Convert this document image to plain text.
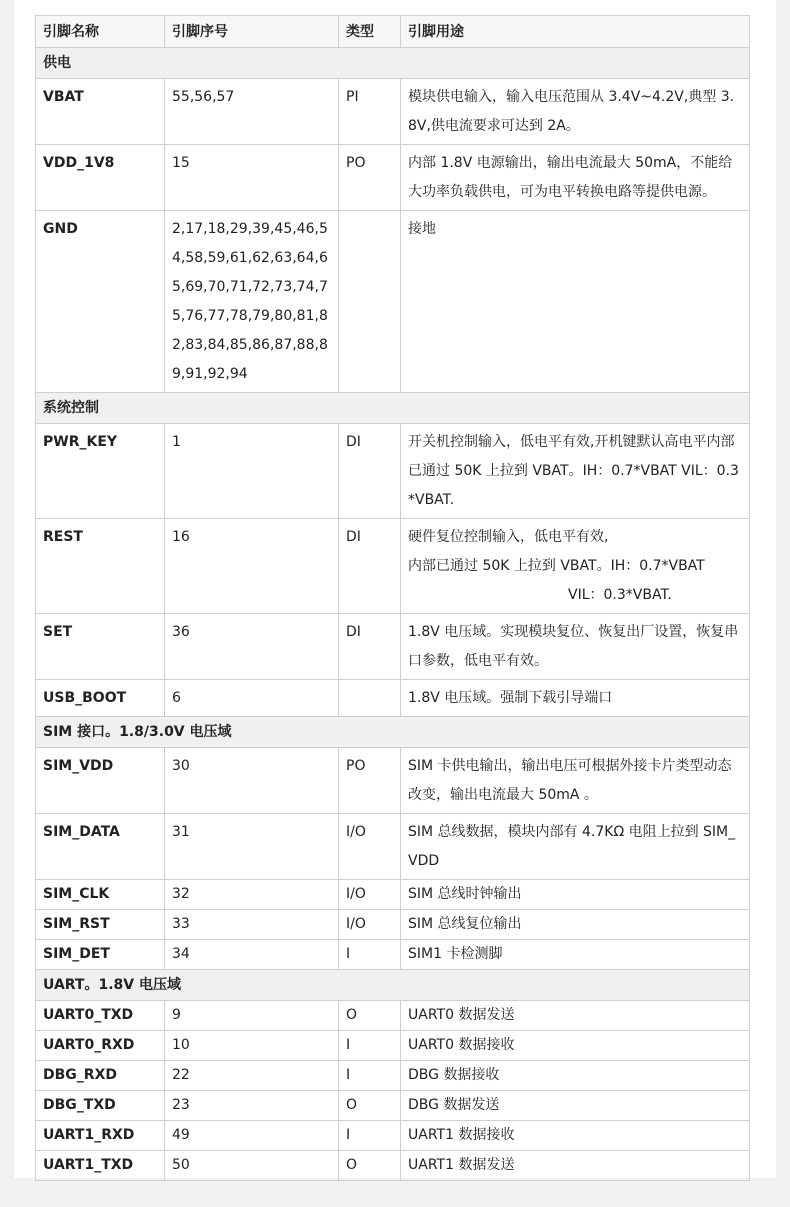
引脚名称	引脚序号	类型	引脚用途
供电			
VBAT	55,56,57	PI	模块供电输入，输入电压范围从 3.4V~4.2V,典型 3.8V,供电流要求可达到 2A。

VDD_1V8	15	PO	内部 1.8V 电源输出，输出电流最大 50mA，不能给大功率负载供电，可为电平转换电路等提供电源。

GND	2,17,18,29,39,45,46,54,58,59,61,62,63,64,65,69,70,71,72,73,74,75,76,77,78,79,80,81,82,83,84,85,86,87,88,89,91,92,94		接地

系统控制			
PWR_KEY	1	DI	开关机控制输入，低电平有效,开机键默认高电平内部已通过 50K 上拉到 VBAT。IH：0.7*VBAT VIL：0.3*VBAT.

REST	16	DI	硬件复位控制输入，低电平有效,
内部已通过 50K 上拉到 VBAT。IH：0.7*VBAT
VIL：0.3*VBAT.

SET	36	DI	1.8V 电压域。实现模块复位、恢复出厂设置，恢复串口参数，低电平有效。

USB_BOOT	6		1.8V 电压域。强制下载引导端口

SIM 接口。1.8/3.0V 电压域			
SIM_VDD	30	PO	SIM 卡供电输出，输出电压可根据外接卡片类型动态改变，输出电流最大 50mA 。

SIM_DATA	31	I/O	SIM 总线数据，模块内部有 4.7KΩ 电阻上拉到 SIM_VDD

SIM_CLK	32	I/O	SIM 总线时钟输出

SIM_RST	33	I/O	SIM 总线复位输出

SIM_DET	34	I	SIM1 卡检测脚

UART。1.8V 电压域			
UART0_TXD	9	O	UART0 数据发送

UART0_RXD	10	I	UART0 数据接收

DBG_RXD	22	I	DBG 数据接收

DBG_TXD	23	O	DBG 数据发送

UART1_RXD	49	I	UART1 数据接收

UART1_TXD	50	O	UART1 数据发送
